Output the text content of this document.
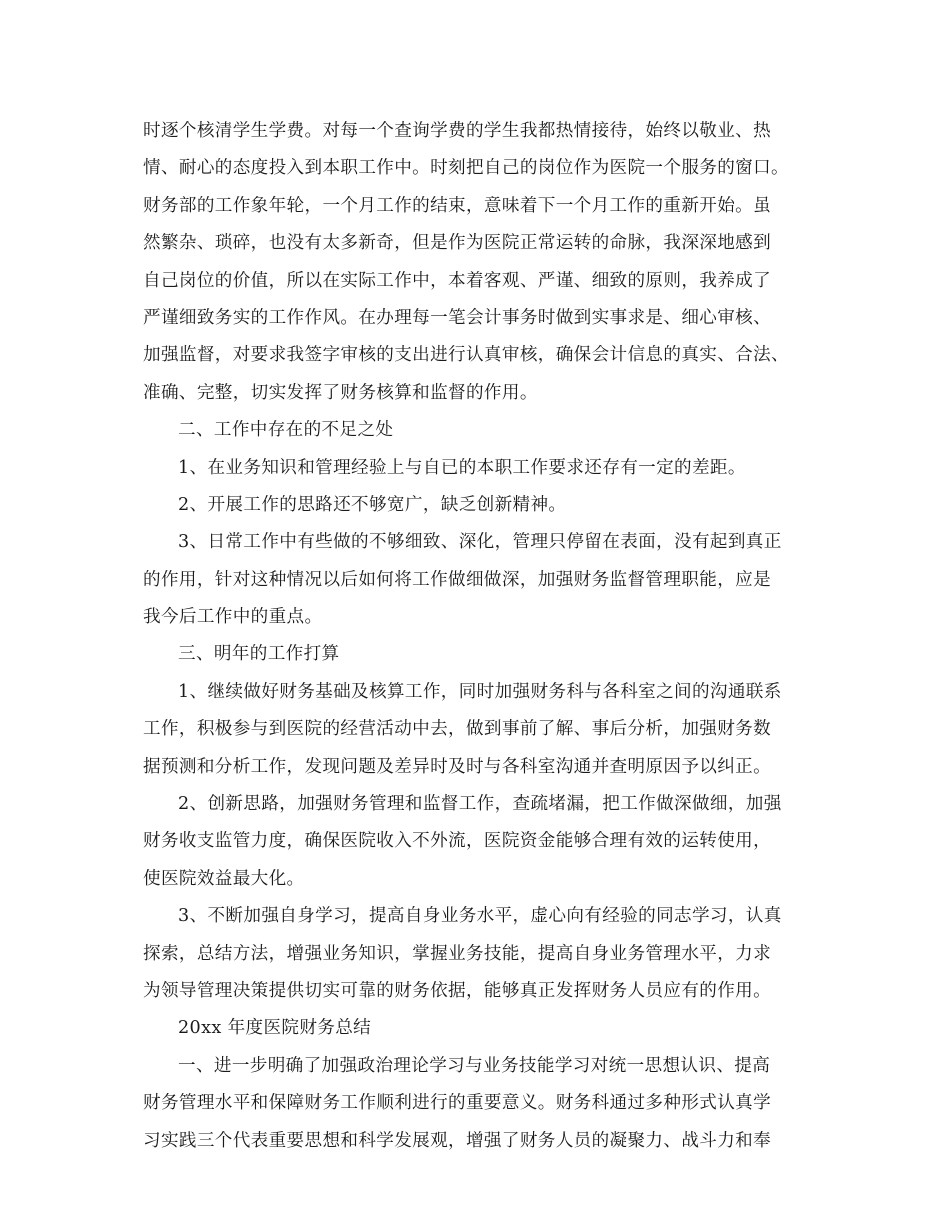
时逐个核清学生学费。对每一个查询学费的学生我都热情接待，始终以敬业、热
情、耐心的态度投入到本职工作中。时刻把自己的岗位作为医院一个服务的窗口。
财务部的工作象年轮，一个月工作的结束，意味着下一个月工作的重新开始。虽
然繁杂、琐碎，也没有太多新奇，但是作为医院正常运转的命脉，我深深地感到
自己岗位的价值，所以在实际工作中，本着客观、严谨、细致的原则，我养成了
严谨细致务实的工作作风。在办理每一笔会计事务时做到实事求是、细心审核、
加强监督，对要求我签字审核的支出进行认真审核，确保会计信息的真实、合法、
准确、完整，切实发挥了财务核算和监督的作用。
二、工作中存在的不足之处
1、在业务知识和管理经验上与自已的本职工作要求还存有一定的差距。
2、开展工作的思路还不够宽广，缺乏创新精神。
3、日常工作中有些做的不够细致、深化，管理只停留在表面，没有起到真正
的作用，针对这种情况以后如何将工作做细做深，加强财务监督管理职能，应是
我今后工作中的重点。
三、明年的工作打算
1、继续做好财务基础及核算工作，同时加强财务科与各科室之间的沟通联系
工作，积极参与到医院的经营活动中去，做到事前了解、事后分析，加强财务数
据预测和分析工作，发现问题及差异时及时与各科室沟通并查明原因予以纠正。
2、创新思路，加强财务管理和监督工作，查疏堵漏，把工作做深做细，加强
财务收支监管力度，确保医院收入不外流，医院资金能够合理有效的运转使用，
使医院效益最大化。
3、不断加强自身学习，提高自身业务水平，虚心向有经验的同志学习，认真
探索，总结方法，增强业务知识，掌握业务技能，提高自身业务管理水平，力求
为领导管理决策提供切实可靠的财务依据，能够真正发挥财务人员应有的作用。
20xx 年度医院财务总结
一、进一步明确了加强政治理论学习与业务技能学习对统一思想认识、提高
财务管理水平和保障财务工作顺利进行的重要意义。财务科通过多种形式认真学
习实践三个代表重要思想和科学发展观，增强了财务人员的凝聚力、战斗力和奉
